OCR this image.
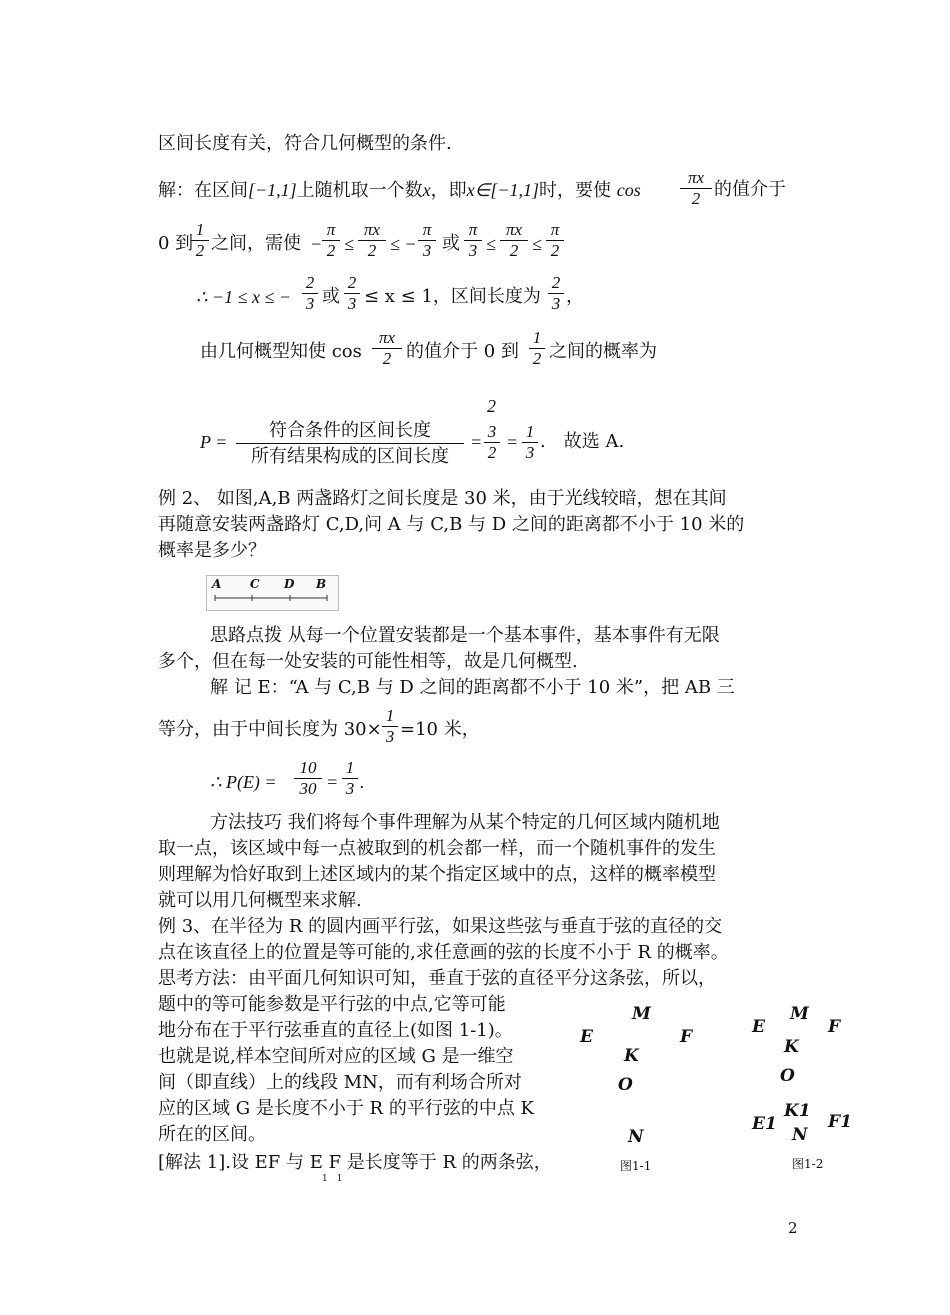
区间长度有关，符合几何概型的条件.
解：在区间[−1,1]上随机取一个数x，即x∈[−1,1]时，要使 $\cos \frac{\pi x}{2}$ 的值介于
0 到
$\frac{1}{2}$ 之间，需使 − $\frac{\pi}{2} \le \frac{\pi x}{2}$ ≤ − $\frac{\pi}{3}$ 或 $\frac{\pi}{3} \le \frac{\pi x}{2} \le \frac{\pi}{2}$
∴ −1 ≤ x ≤ − $\frac{2}{3}$ 或 $\frac{2}{3} \le x \le 1$，区间长度为 $\frac{2}{3}$ ，
由几何概型知使 $\cos \frac{\pi x}{2}$ 的值介于 0 到 $\frac{1}{2}$ 之间的概率为
P =
符合条件的区间长度
所有结果构成的区间长度
=
2
$\frac{3}{2} = \frac{1}{3}$ .　故选 A.
例 2、 如图,A,B 两盏路灯之间长度是 30 米，由于光线较暗，想在其间
再随意安装两盏路灯 C,D,问 A 与 C,B 与 D 之间的距离都不小于 10 米的
概率是多少？
A C D B
思路点拨 从每一个位置安装都是一个基本事件，基本事件有无限
多个，但在每一处安装的可能性相等，故是几何概型.
解 记 E：“A 与 C,B 与 D 之间的距离都不小于 10 米”，把 AB 三
等分，由于中间长度为 $30\times \frac{1}{3} =10$ 米，
∴ $P(E) = \frac{10}{30} = \frac{1}{3}$ .
方法技巧 我们将每个事件理解为从某个特定的几何区域内随机地
取一点，该区域中每一点被取到的机会都一样，而一个随机事件的发生
则理解为恰好取到上述区域内的某个指定区域中的点，这样的概率模型
就可以用几何概型来求解.
例 3、在半径为 R 的圆内画平行弦，如果这些弦与垂直于弦的直径的交
点在该直径上的位置是等可能的,求任意画的弦的长度不小于 R 的概率。
思考方法：由平面几何知识可知，垂直于弦的直径平分这条弦，所以，
题中的等可能参数是平行弦的中点,它等可能
地分布在于平行弦垂直的直径上(如图 1-1)。
也就是说,样本空间所对应的区域 G 是一维空
间（即直线）上的线段 MN，而有利场合所对
应的区域 G 是长度不小于 R 的平行弦的中点 K
所在的区间。
[解法 1].设 EF 与 E F 是长度等于 R 的两条弦，
1　1
M
E	F
K
O
N
图1-1
E
M
F
K
O
K1
E1
N
F1
图1-2
2
